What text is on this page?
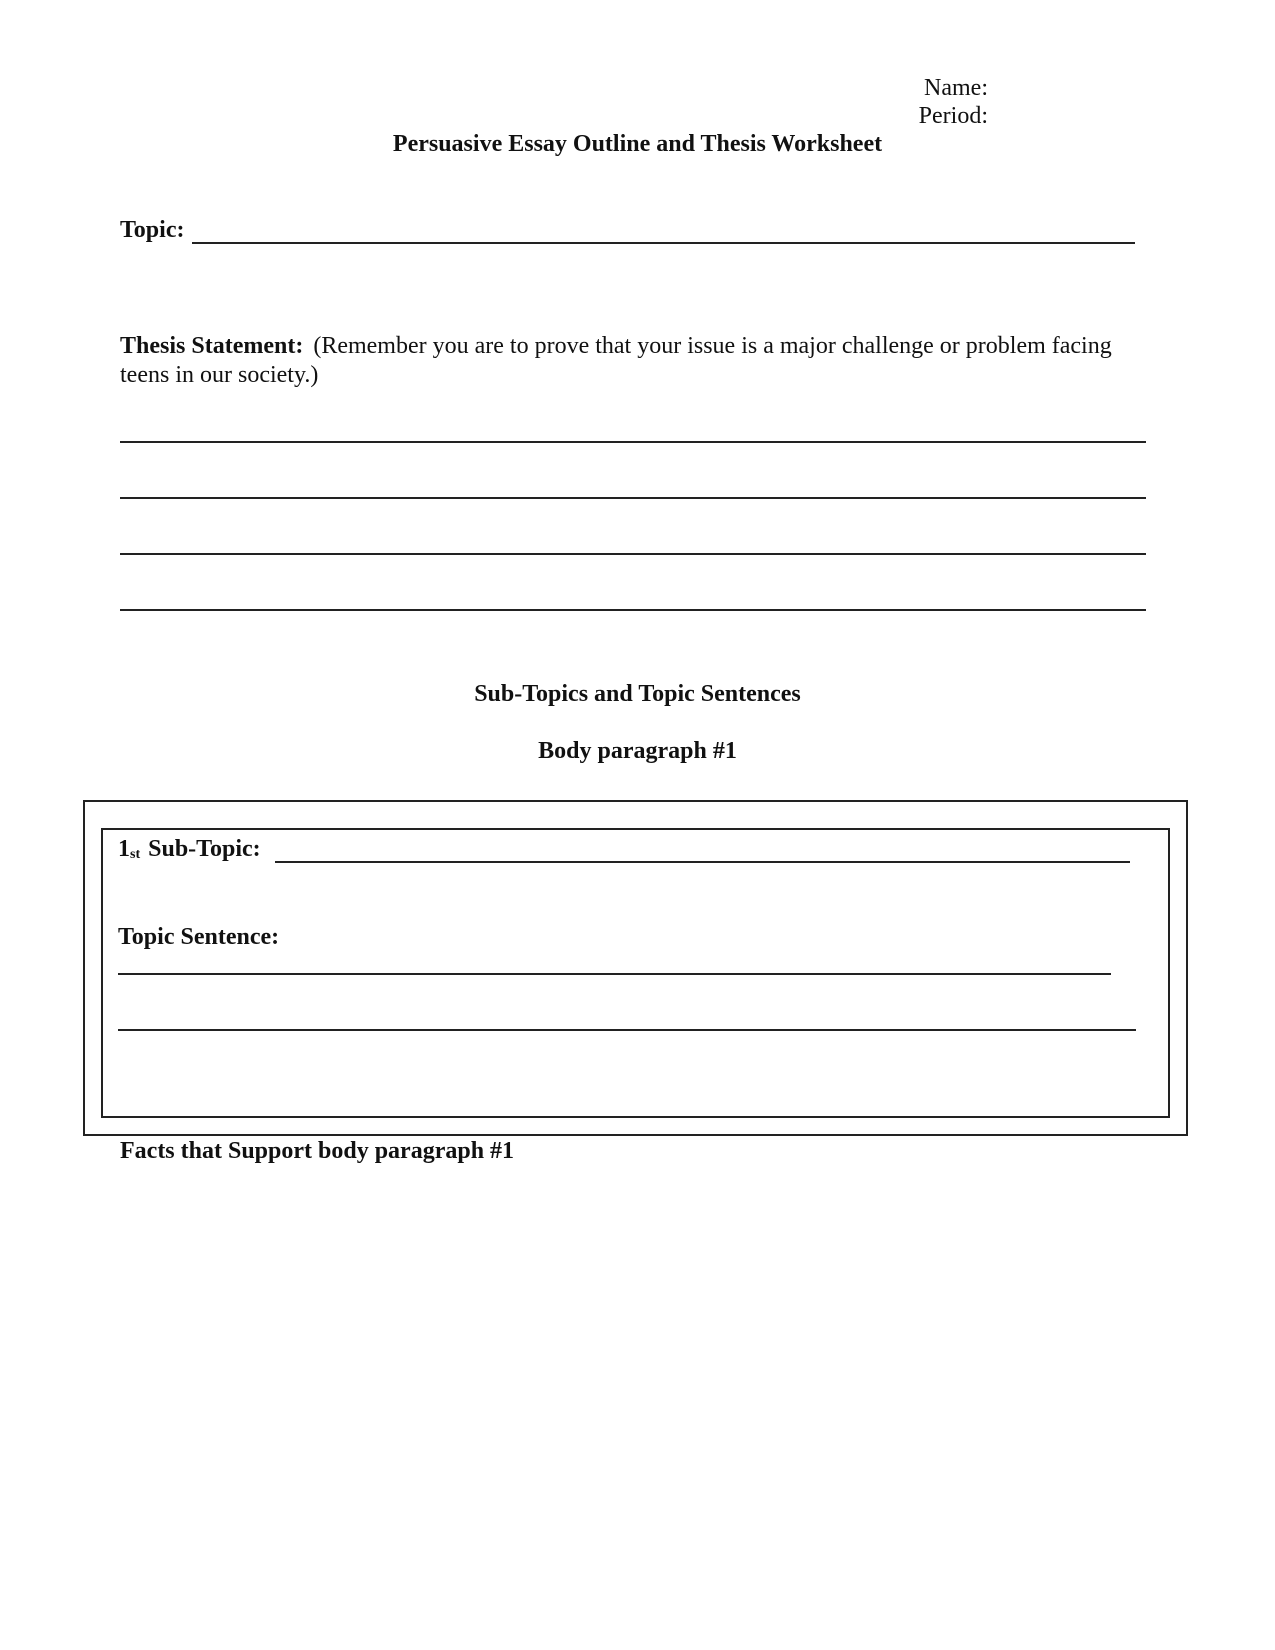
Name:
Period:
Persuasive Essay Outline and Thesis Worksheet
Topic:
Thesis Statement: (Remember you are to prove that your issue is a major challenge or problem facing teens in our society.)
Sub-Topics and Topic Sentences
Body paragraph #1
$1_{st}$ Sub-Topic:
Topic Sentence:
Facts that Support body paragraph #1
